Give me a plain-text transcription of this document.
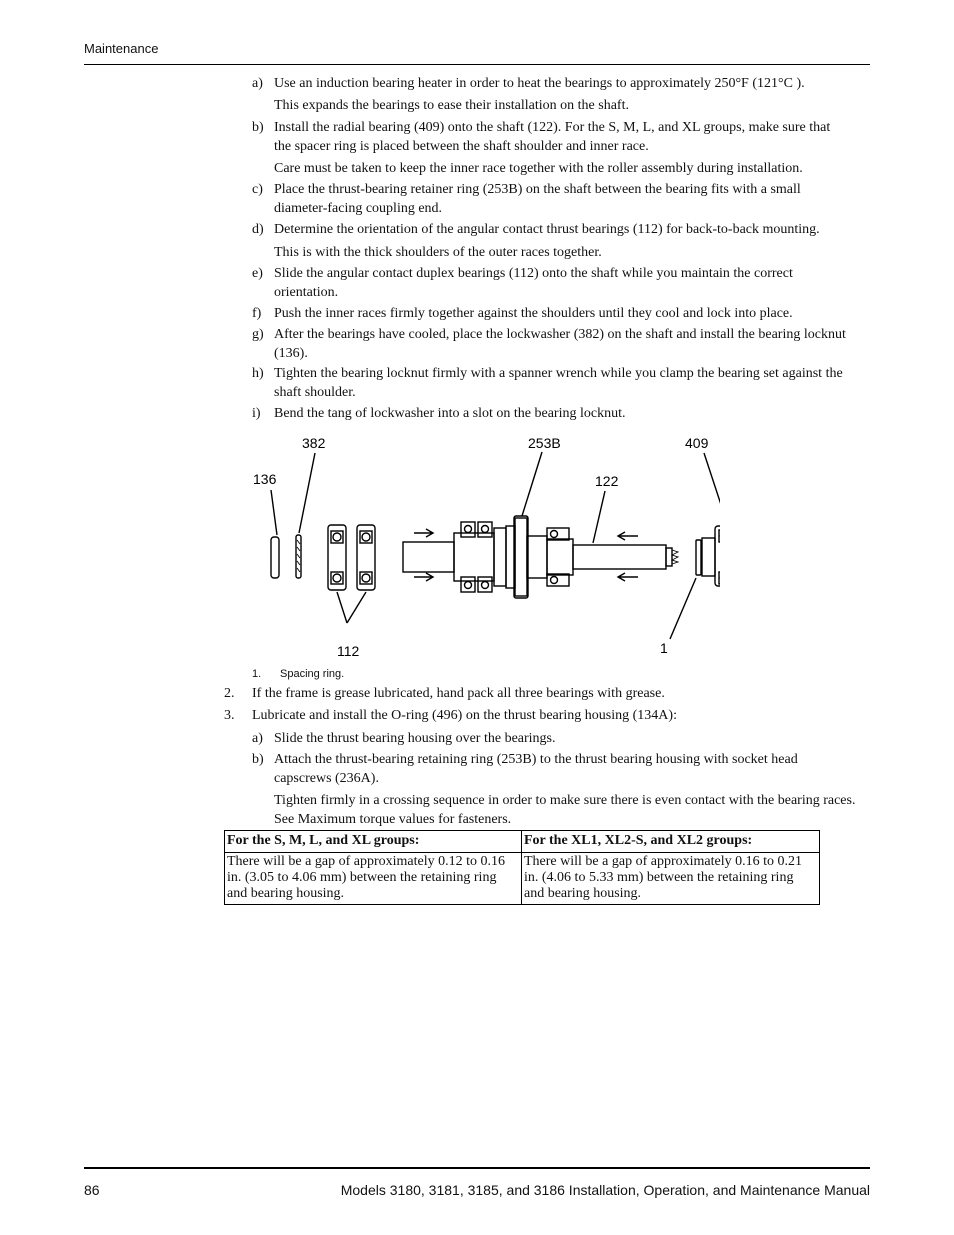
Maintenance
a) Use an induction bearing heater in order to heat the bearings to approximately 250°F (121°C ).
This expands the bearings to ease their installation on the shaft.
b) Install the radial bearing (409) onto the shaft (122). For the S, M, L, and XL groups, make sure that the spacer ring is placed between the shaft shoulder and inner race.
Care must be taken to keep the inner race together with the roller assembly during installation.
c) Place the thrust-bearing retainer ring (253B) on the shaft between the bearing fits with a small diameter-facing coupling end.
d) Determine the orientation of the angular contact thrust bearings (112) for back-to-back mounting.
This is with the thick shoulders of the outer races together.
e) Slide the angular contact duplex bearings (112) onto the shaft while you maintain the correct orientation.
f) Push the inner races firmly together against the shoulders until they cool and lock into place.
g) After the bearings have cooled, place the lockwasher (382) on the shaft and install the bearing locknut (136).
h) Tighten the bearing locknut firmly with a spanner wrench while you clamp the bearing set against the shaft shoulder.
i) Bend the tang of lockwasher into a slot on the bearing locknut.
382	253B	409
136	122
112	1
1. Spacing ring.
2. If the frame is grease lubricated, hand pack all three bearings with grease.
3. Lubricate and install the O-ring (496) on the thrust bearing housing (134A):
a) Slide the thrust bearing housing over the bearings.
b) Attach the thrust-bearing retaining ring (253B) to the thrust bearing housing with socket head capscrews (236A).
Tighten firmly in a crossing sequence in order to make sure there is even contact with the bearing races. See Maximum torque values for fasteners.
For the S, M, L, and XL groups:	For the XL1, XL2-S, and XL2 groups:
There will be a gap of approximately 0.12 to 0.16 in. (3.05 to 4.06 mm) between the retaining ring and bearing housing.	There will be a gap of approximately 0.16 to 0.21 in. (4.06 to 5.33 mm) between the retaining ring and bearing housing.
86	Models 3180, 3181, 3185, and 3186 Installation, Operation, and Maintenance Manual
